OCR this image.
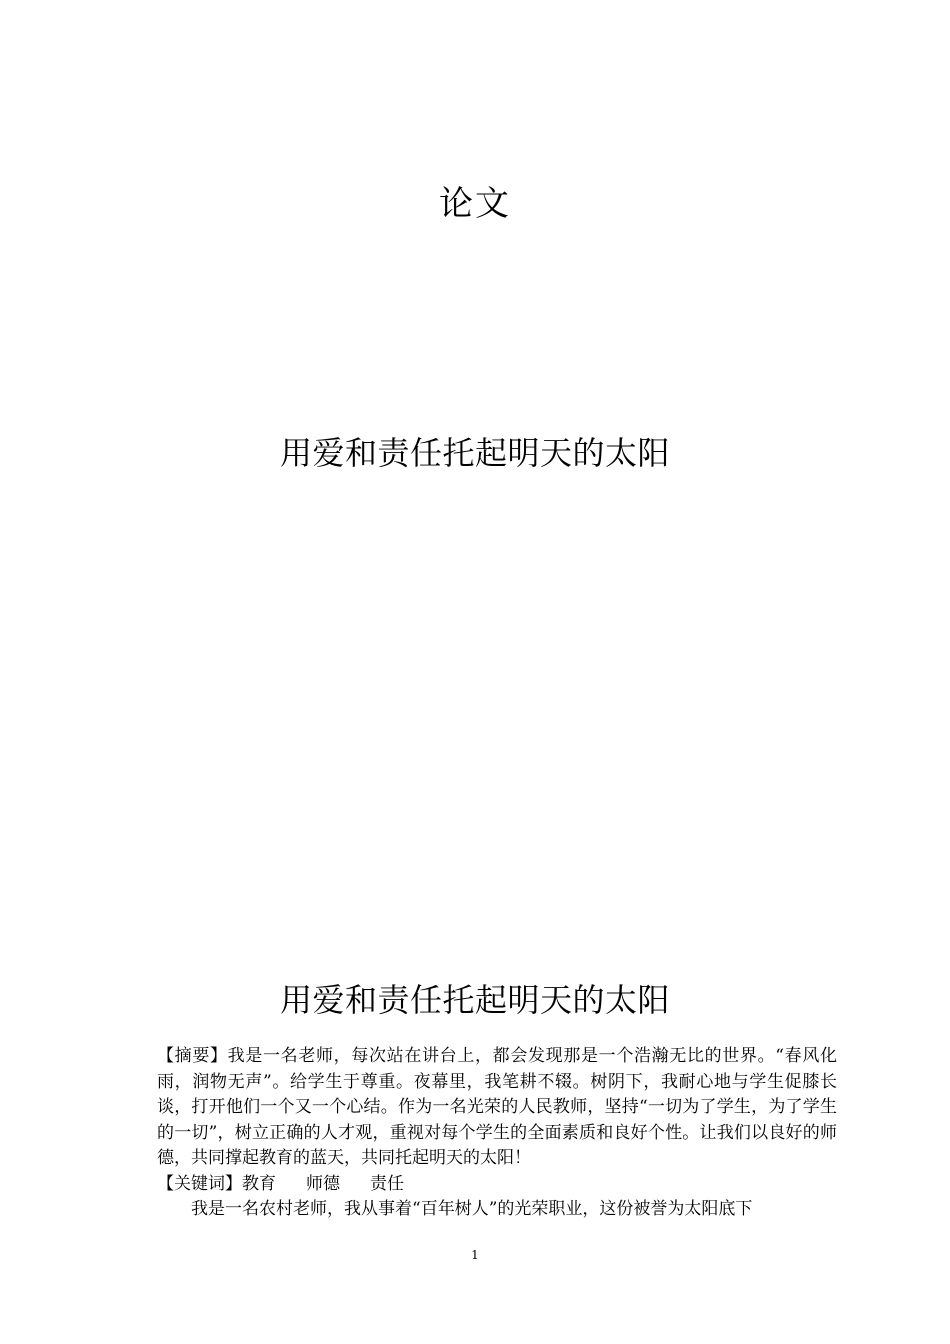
论文
用爱和责任托起明天的太阳
用爱和责任托起明天的太阳

【摘要】我是一名老师，每次站在讲台上，都会发现那是一个浩瀚无比的世界。“春风化雨，润物无声”。给学生于尊重。夜幕里，我笔耕不辍。树阴下，我耐心地与学生促膝长谈，打开他们一个又一个心结。作为一名光荣的人民教师，坚持“一切为了学生，为了学生的一切”，树立正确的人才观，重视对每个学生的全面素质和良好个性。让我们以良好的师德，共同撑起教育的蓝天，共同托起明天的太阳！

【关键词】教育 师德 责任

我是一名农村老师，我从事着“百年树人”的光荣职业，这份被誉为太阳底下

1
